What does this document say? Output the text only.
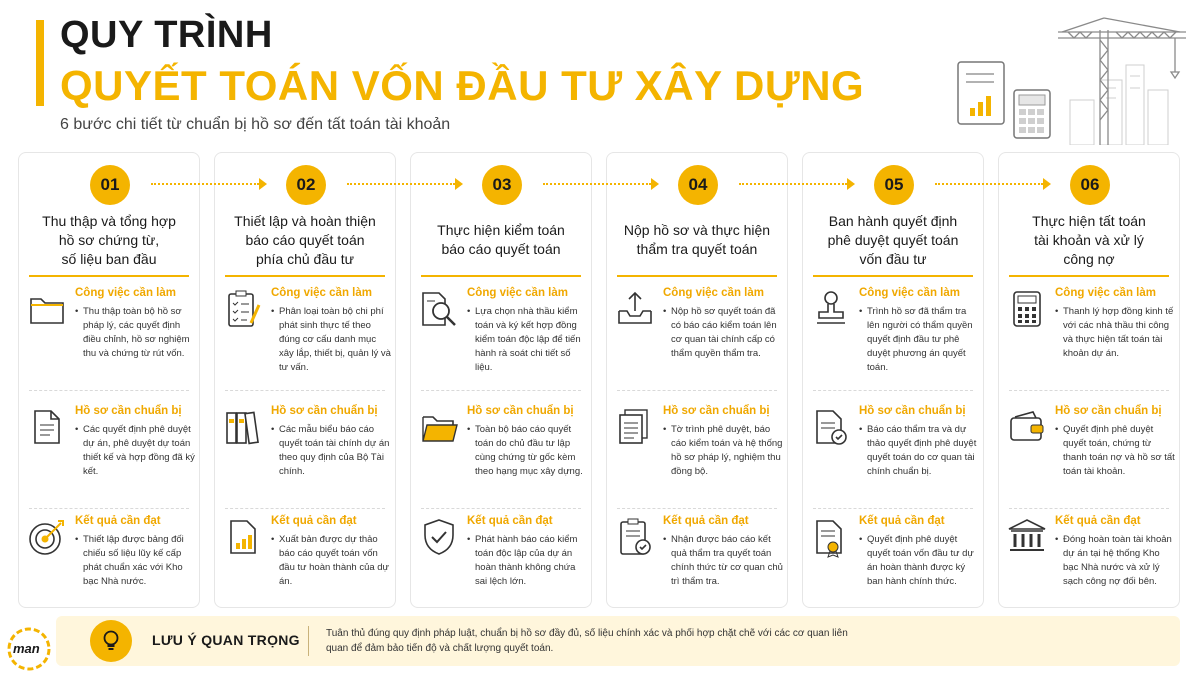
QUY TRÌNH
QUYẾT TOÁN VỐN ĐẦU TƯ XÂY DỰNG
6 bước chi tiết từ chuẩn bị hồ sơ đến tất toán tài khoản
01
Thu thập và tổng hợp
hồ sơ chứng từ,
số liệu ban đầu
Công việc cần làm
• Thu thập toàn bộ hồ sơ pháp lý, các quyết định điều chỉnh, hồ sơ nghiệm thu và chứng từ rút vốn.
Hồ sơ cần chuẩn bị
• Các quyết định phê duyệt dự án, phê duyệt dự toán thiết kế và hợp đồng đã ký kết.
Kết quả cần đạt
• Thiết lập được bảng đối chiếu số liệu lũy kế cấp phát chuẩn xác với Kho bạc Nhà nước.
02
Thiết lập và hoàn thiện
báo cáo quyết toán
phía chủ đầu tư
Công việc cần làm
• Phân loại toàn bộ chi phí phát sinh thực tế theo đúng cơ cấu danh mục xây lắp, thiết bị, quản lý và tư vấn.
Hồ sơ cần chuẩn bị
• Các mẫu biểu báo cáo quyết toán tài chính dự án theo quy định của Bộ Tài chính.
Kết quả cần đạt
• Xuất bản được dự thảo báo cáo quyết toán vốn đầu tư hoàn thành của dự án.
03
Thực hiện kiểm toán
báo cáo quyết toán
Công việc cần làm
• Lựa chọn nhà thầu kiểm toán và ký kết hợp đồng kiểm toán độc lập để tiến hành rà soát chi tiết số liệu.
Hồ sơ cần chuẩn bị
• Toàn bộ báo cáo quyết toán do chủ đầu tư lập cùng chứng từ gốc kèm theo hạng mục xây dựng.
Kết quả cần đạt
• Phát hành báo cáo kiểm toán độc lập của dự án hoàn thành không chứa sai lệch lớn.
04
Nộp hồ sơ và thực hiện
thẩm tra quyết toán
Công việc cần làm
• Nộp hồ sơ quyết toán đã có báo cáo kiểm toán lên cơ quan tài chính cấp có thẩm quyền thẩm tra.
Hồ sơ cần chuẩn bị
• Tờ trình phê duyệt, báo cáo kiểm toán và hệ thống hồ sơ pháp lý, nghiệm thu đồng bộ.
Kết quả cần đạt
• Nhận được báo cáo kết quả thẩm tra quyết toán chính thức từ cơ quan chủ trì thẩm tra.
05
Ban hành quyết định
phê duyệt quyết toán
vốn đầu tư
Công việc cần làm
• Trình hồ sơ đã thẩm tra lên người có thẩm quyền quyết định đầu tư phê duyệt phương án quyết toán.
Hồ sơ cần chuẩn bị
• Báo cáo thẩm tra và dự thảo quyết định phê duyệt quyết toán do cơ quan tài chính chuẩn bị.
Kết quả cần đạt
• Quyết định phê duyệt quyết toán vốn đầu tư dự án hoàn thành được ký ban hành chính thức.
06
Thực hiện tất toán
tài khoản và xử lý
công nợ
Công việc cần làm
• Thanh lý hợp đồng kinh tế với các nhà thầu thi công và thực hiện tất toán tài khoản dự án.
Hồ sơ cần chuẩn bị
• Quyết định phê duyệt quyết toán, chứng từ thanh toán nợ và hồ sơ tất toán tài khoản.
Kết quả cần đạt
• Đóng hoàn toàn tài khoản dự án tại hệ thống Kho bạc Nhà nước và xử lý sạch công nợ đối bên.
LƯU Ý QUAN TRỌNG	Tuân thủ đúng quy định pháp luật, chuẩn bị hồ sơ đầy đủ, số liệu chính xác và phối hợp chặt chẽ với các cơ quan liên quan để đảm bảo tiến độ và chất lượng quyết toán.
man
